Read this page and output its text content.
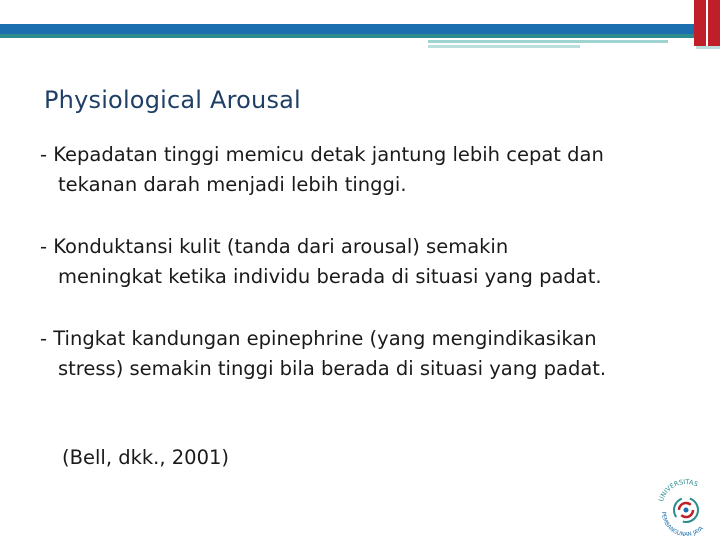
Physiological Arousal
- Kepadatan tinggi memicu detak jantung lebih cepat dan
tekanan darah menjadi lebih tinggi.
- Konduktansi kulit (tanda dari arousal) semakin
meningkat ketika individu berada di situasi yang padat.
- Tingkat kandungan epinephrine (yang mengindikasikan
stress) semakin tinggi bila berada di situasi yang padat.
(Bell, dkk., 2001)
UNIVERSITAS
PEMBANGUNAN JAYA
